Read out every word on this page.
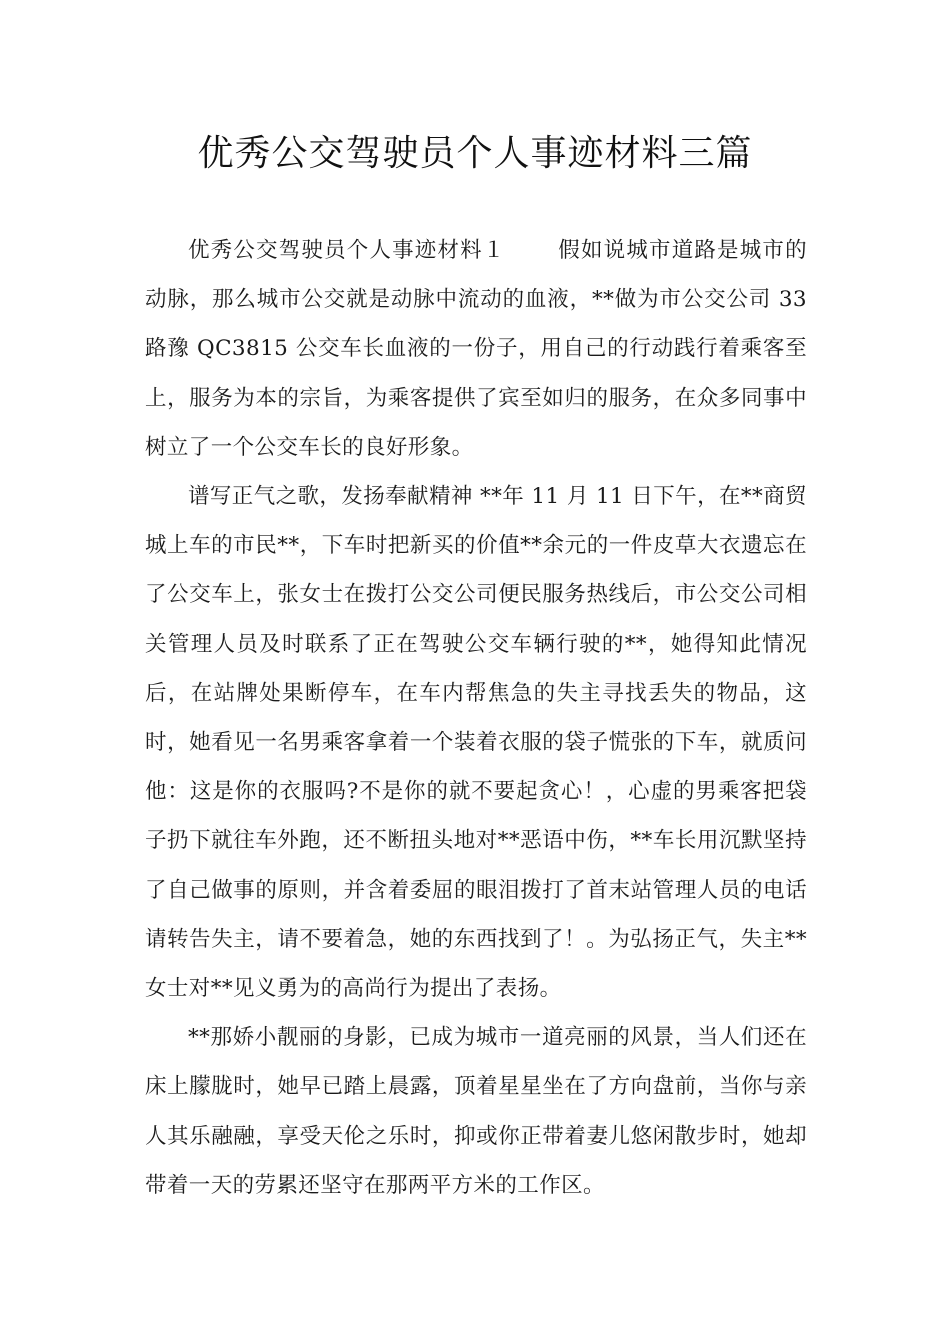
优秀公交驾驶员个人事迹材料三篇

优秀公交驾驶员个人事迹材料１ 假如说城市道路是城市的动脉，那么城市公交就是动脉中流动的血液，**做为市公交公司 33 路豫 QC3815 公交车长血液的一份子，用自己的行动践行着乘客至上，服务为本的宗旨，为乘客提供了宾至如归的服务，在众多同事中树立了一个公交车长的良好形象。

谱写正气之歌，发扬奉献精神 **年 11 月 11 日下午，在**商贸城上车的市民**，下车时把新买的价值**余元的一件皮草大衣遗忘在了公交车上，张女士在拨打公交公司便民服务热线后，市公交公司相关管理人员及时联系了正在驾驶公交车辆行驶的**，她得知此情况后，在站牌处果断停车，在车内帮焦急的失主寻找丢失的物品，这时，她看见一名男乘客拿着一个装着衣服的袋子慌张的下车，就质问他：这是你的衣服吗?不是你的就不要起贪心！，心虚的男乘客把袋子扔下就往车外跑，还不断扭头地对**恶语中伤，**车长用沉默坚持了自己做事的原则，并含着委屈的眼泪拨打了首末站管理人员的电话请转告失主，请不要着急，她的东西找到了！。为弘扬正气，失主**女士对**见义勇为的高尚行为提出了表扬。

**那娇小靓丽的身影，已成为城市一道亮丽的风景，当人们还在床上朦胧时，她早已踏上晨露，顶着星星坐在了方向盘前，当你与亲人其乐融融，享受天伦之乐时，抑或你正带着妻儿悠闲散步时，她却带着一天的劳累还坚守在那两平方米的工作区。
